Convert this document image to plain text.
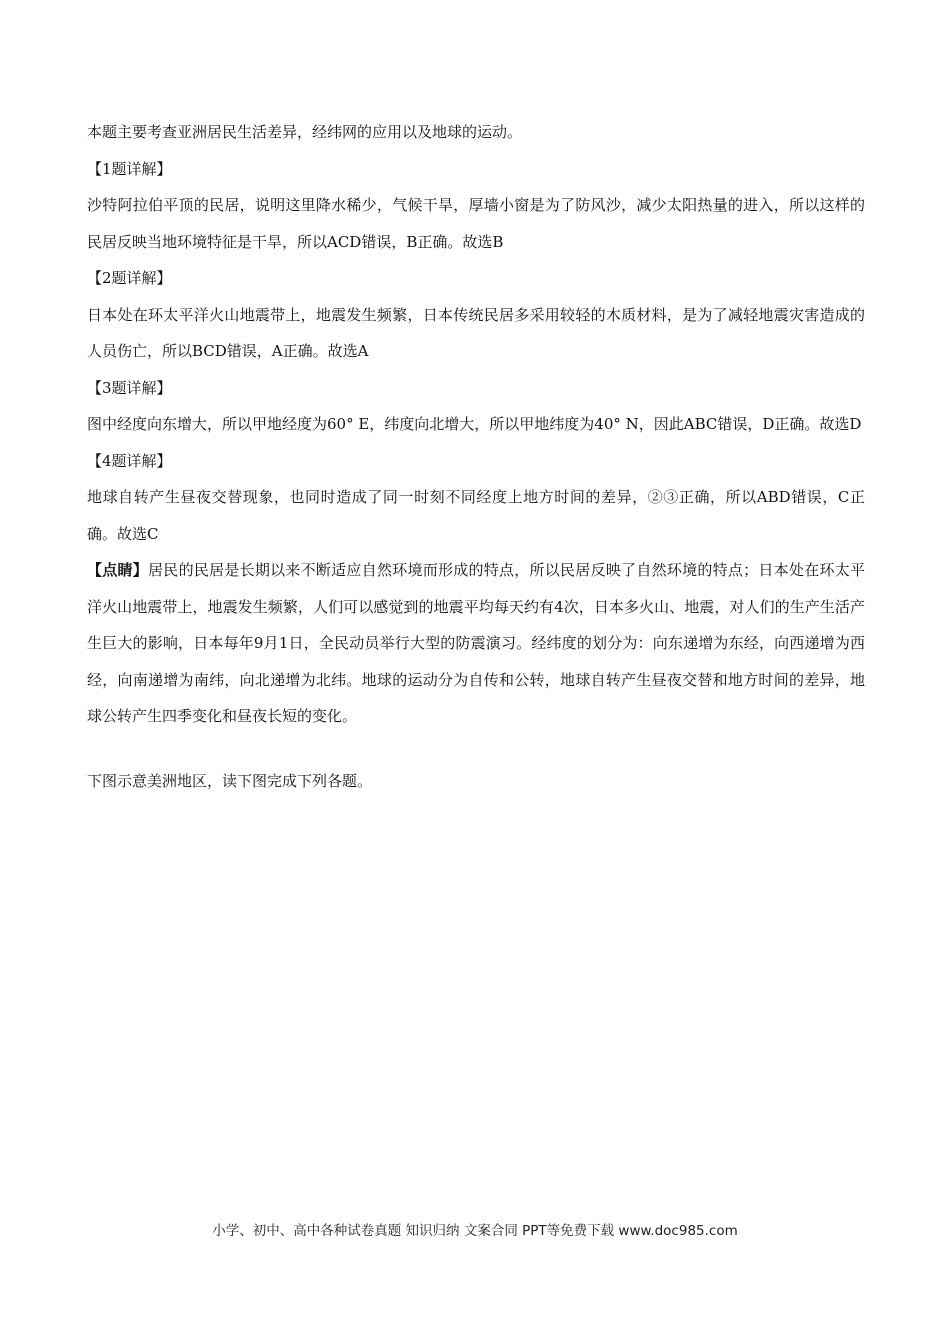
本题主要考查亚洲居民生活差异，经纬网的应用以及地球的运动。

【1题详解】

沙特阿拉伯平顶的民居，说明这里降水稀少，气候干旱，厚墙小窗是为了防风沙，减少太阳热量的进入，所以这样的民居反映当地环境特征是干旱，所以ACD错误，B正确。故选B

【2题详解】

日本处在环太平洋火山地震带上，地震发生频繁，日本传统民居多采用较轻的木质材料，是为了减轻地震灾害造成的人员伤亡，所以BCD错误，A正确。故选A

【3题详解】

图中经度向东增大，所以甲地经度为60° E，纬度向北增大，所以甲地纬度为40° N，因此ABC错误，D正确。故选D

【4题详解】

地球自转产生昼夜交替现象，也同时造成了同一时刻不同经度上地方时间的差异，②③正确，所以ABD错误，C正确。故选C

【点睛】居民的民居是长期以来不断适应自然环境而形成的特点，所以民居反映了自然环境的特点；日本处在环太平洋火山地震带上，地震发生频繁，人们可以感觉到的地震平均每天约有4次，日本多火山、地震，对人们的生产生活产生巨大的影响，日本每年9月1日，全民动员举行大型的防震演习。经纬度的划分为：向东递增为东经，向西递增为西经，向南递增为南纬，向北递增为北纬。地球的运动分为自传和公转，地球自转产生昼夜交替和地方时间的差异，地球公转产生四季变化和昼夜长短的变化。

下图示意美洲地区，读下图完成下列各题。

小学、初中、高中各种试卷真题 知识归纳 文案合同 PPT等免费下载 www.doc985.com
